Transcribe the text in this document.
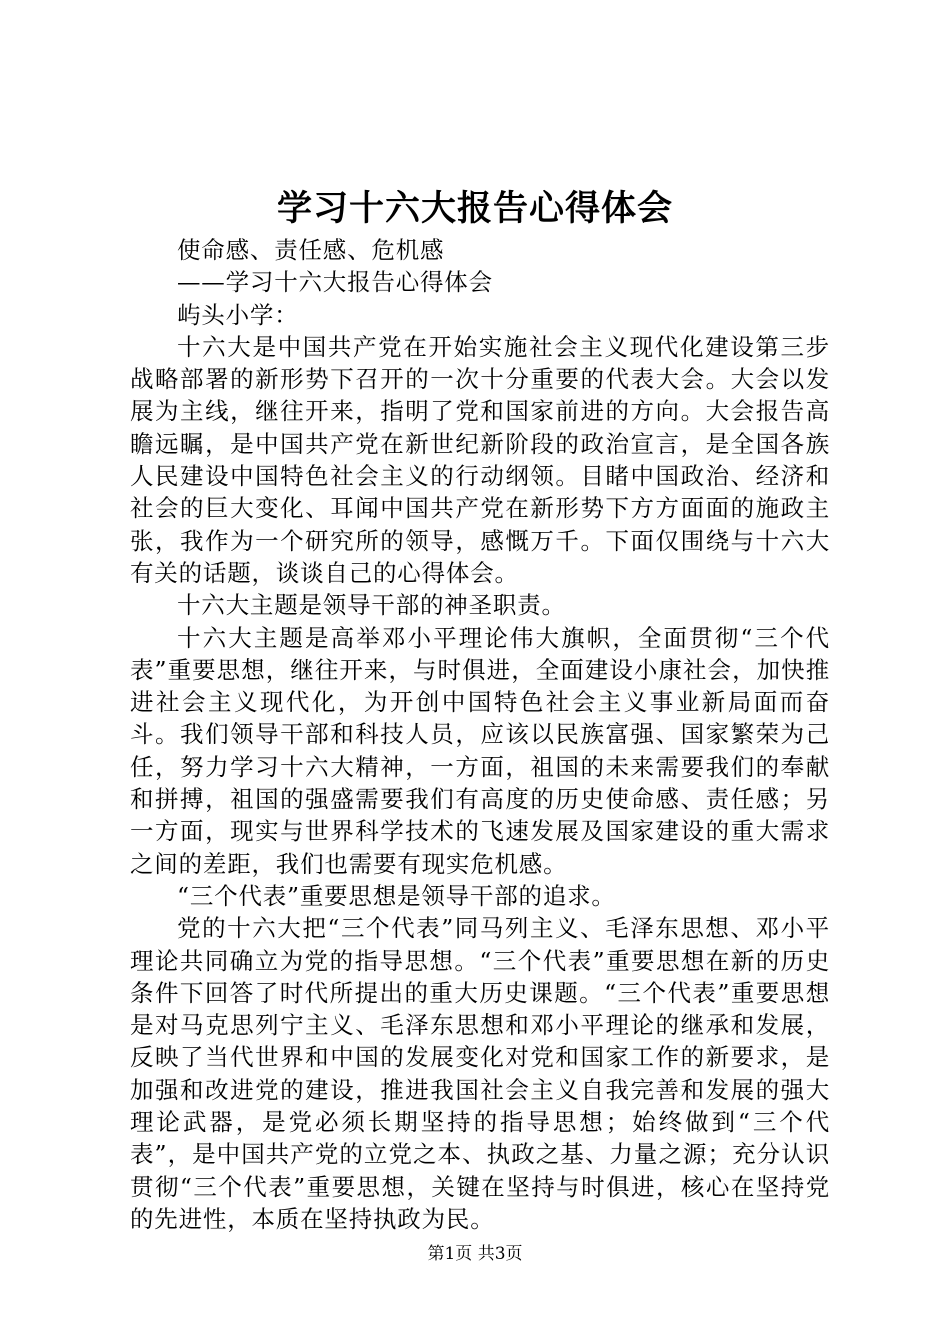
学习十六大报告心得体会

使命感、责任感、危机感

——学习十六大报告心得体会

屿头小学：

十六大是中国共产党在开始实施社会主义现代化建设第三步战略部署的新形势下召开的一次十分重要的代表大会。大会以发展为主线，继往开来，指明了党和国家前进的方向。大会报告高瞻远瞩，是中国共产党在新世纪新阶段的政治宣言，是全国各族人民建设中国特色社会主义的行动纲领。目睹中国政治、经济和社会的巨大变化、耳闻中国共产党在新形势下方方面面的施政主张，我作为一个研究所的领导，感慨万千。下面仅围绕与十六大有关的话题，谈谈自己的心得体会。

十六大主题是领导干部的神圣职责。

十六大主题是高举邓小平理论伟大旗帜，全面贯彻“三个代表”重要思想，继往开来，与时俱进，全面建设小康社会，加快推进社会主义现代化，为开创中国特色社会主义事业新局面而奋斗。我们领导干部和科技人员，应该以民族富强、国家繁荣为己任，努力学习十六大精神，一方面，祖国的未来需要我们的奉献和拼搏，祖国的强盛需要我们有高度的历史使命感、责任感；另一方面，现实与世界科学技术的飞速发展及国家建设的重大需求之间的差距，我们也需要有现实危机感。

“三个代表”重要思想是领导干部的追求。

党的十六大把“三个代表”同马列主义、毛泽东思想、邓小平理论共同确立为党的指导思想。“三个代表”重要思想在新的历史条件下回答了时代所提出的重大历史课题。“三个代表”重要思想是对马克思列宁主义、毛泽东思想和邓小平理论的继承和发展，反映了当代世界和中国的发展变化对党和国家工作的新要求，是加强和改进党的建设，推进我国社会主义自我完善和发展的强大理论武器，是党必须长期坚持的指导思想；始终做到“三个代表”，是中国共产党的立党之本、执政之基、力量之源；充分认识贯彻“三个代表”重要思想，关键在坚持与时俱进，核心在坚持党的先进性，本质在坚持执政为民。

第1页 共3页
